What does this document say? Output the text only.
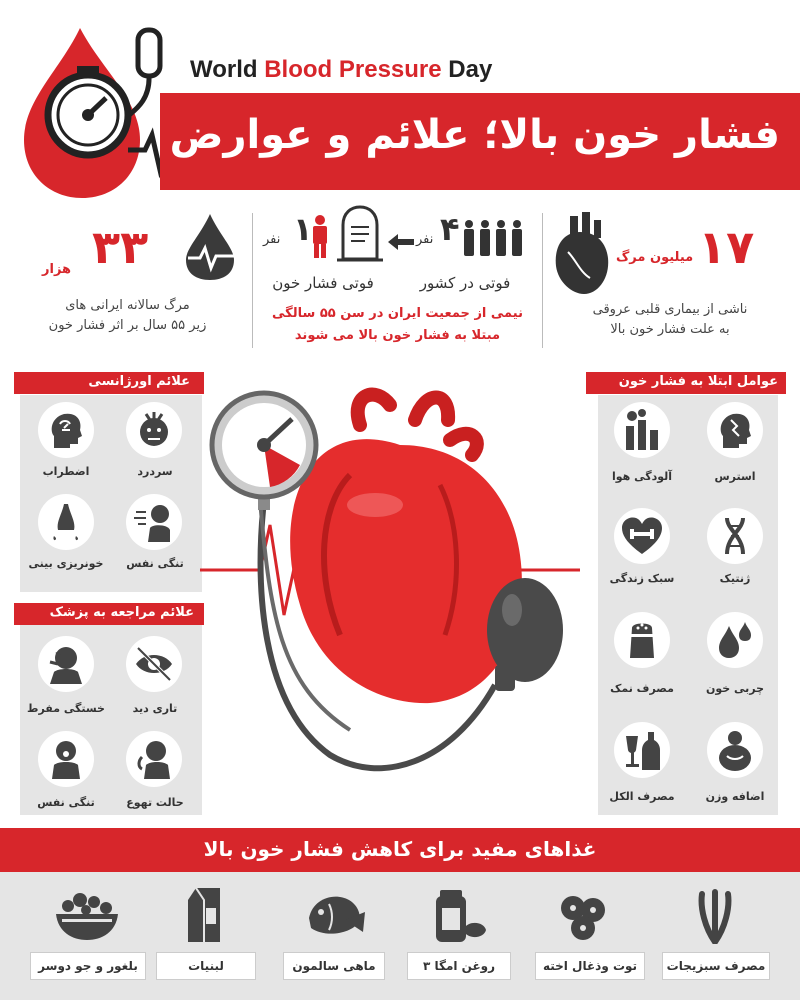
World Blood Pressure Day
فشار خون بالا؛ علائم و عوارض
۳۳
هزار
مرگ سالانه ایرانی های
زیر ۵۵ سال بر اثر فشار خون
۱
نفر	نفر ۴
فوتی فشار خون	فوتی در کشور
نیمی از جمعیت ایران در سن ۵۵ سالگی
مبتلا به فشار خون بالا می شوند
میلیون مرگ ۱۷
ناشی از بیماری قلبی عروقی
به علت فشار خون بالا
علائم اورژانسی
سردرد
اضطراب
تنگی نفس
خونریزی بینی
علائم مراجعه به پزشک
تاری دید
خستگی مفرط
حالت تهوع
تنگی نفس
عوامل ابتلا به فشار خون
استرس
آلودگی هوا
ژنتیک
سبک زندگی
چربی خون
مصرف نمک
اضافه وزن
مصرف الکل
غذاهای مفید برای کاهش فشار خون بالا
مصرف سبزیجات
توت وذغال اخته
روغن امگا ۳
ماهی سالمون
لبنیات
بلغور و جو دوسر
